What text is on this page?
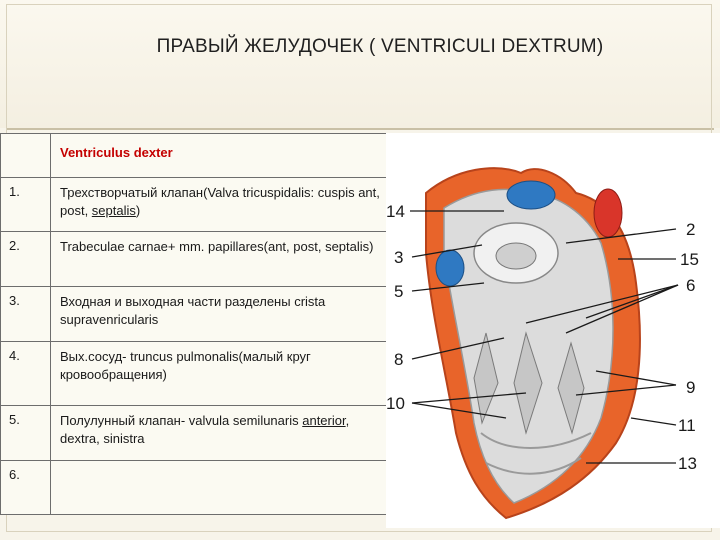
ПРАВЫЙ ЖЕЛУДОЧЕК ( VENTRICULI DEXTRUM)
	Ventriculus dexter
1.	Трехстворчатый клапан(Valva tricuspidalis: cuspis ant, post, septalis)
2.	Trabeculae carnae+ mm. papillares(ant, post, septalis)
3.	Входная и выходная части разделены crista supravenricularis
4.	Вых.сосуд- truncus pulmonalis(малый круг кровообращения)
5.	Полулунный клапан- valvula semilunaris anterior, dextra, sinistra
6.	
14
3
5
8
10
2
15
6
9
11
13
